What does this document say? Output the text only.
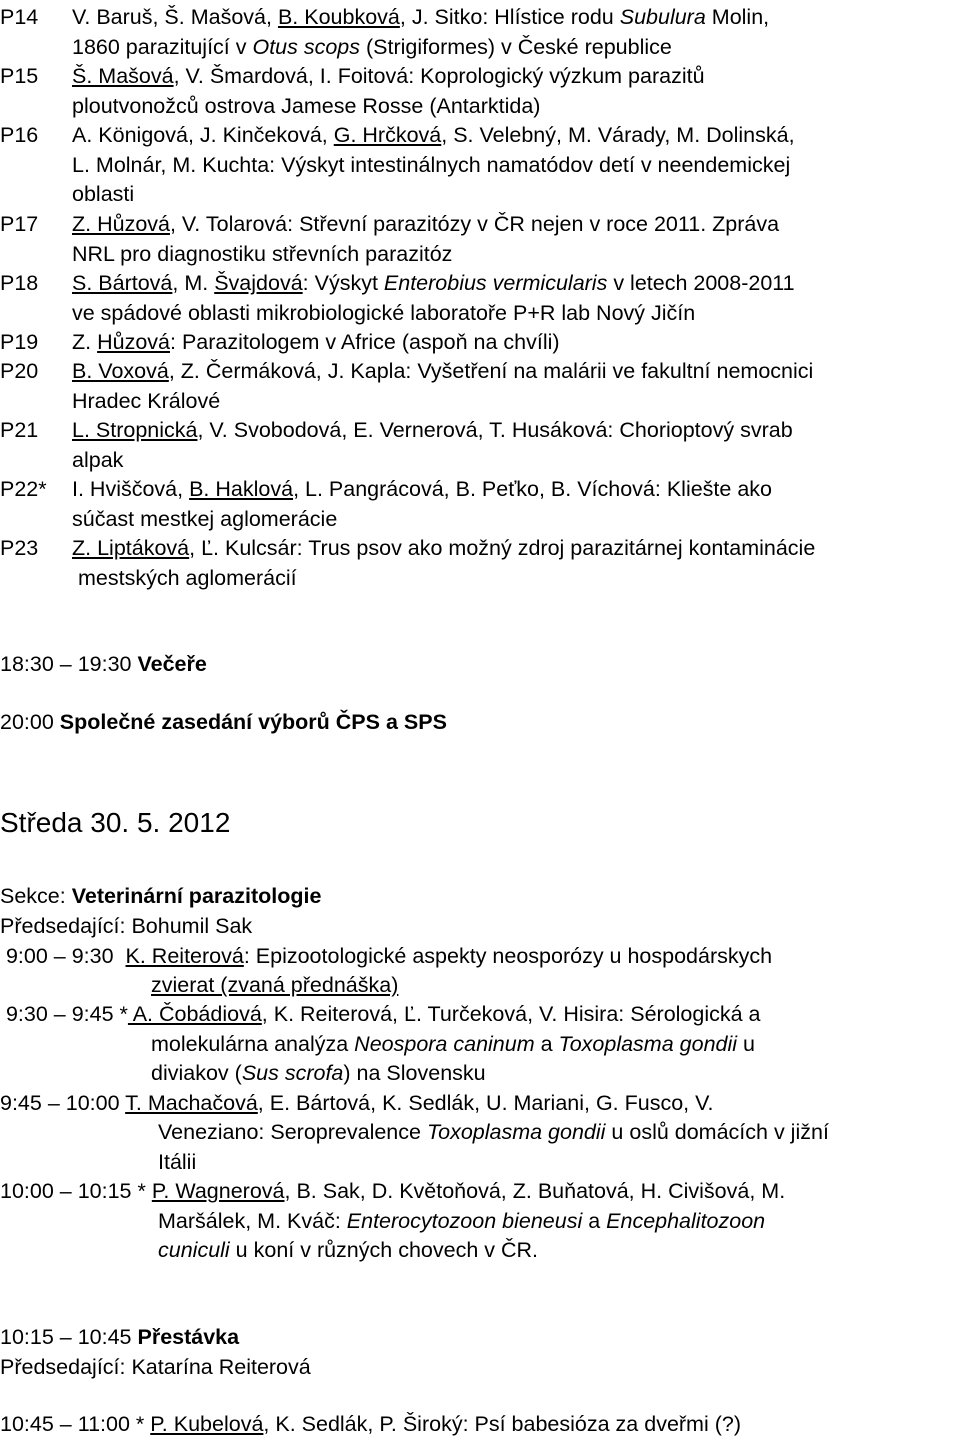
P14 V. Baruš, Š. Mašová, B. Koubková, J. Sitko: Hlístice rodu Subulura Molin,
1860 parazitující v Otus scops (Strigiformes) v České republice
P15 Š. Mašová, V. Šmardová, I. Foitová: Koprologický výzkum parazitů
ploutvonožců ostrova Jamese Rosse (Antarktida)
P16 A. Königová, J. Kinčeková, G. Hrčková, S. Velebný, M. Várady, M. Dolinská,
L. Molnár, M. Kuchta: Výskyt intestinálnych namatódov detí v neendemickej
oblasti
P17 Z. Hůzová, V. Tolarová: Střevní parazitózy v ČR nejen v roce 2011. Zpráva
NRL pro diagnostiku střevních parazitóz
P18 S. Bártová, M. Švajdová: Výskyt Enterobius vermicularis v letech 2008-2011
ve spádové oblasti mikrobiologické laboratoře P+R lab Nový Jičín
P19 Z. Hůzová: Parazitologem v Africe (aspoň na chvíli)
P20 B. Voxová, Z. Čermáková, J. Kapla: Vyšetření na malárii ve fakultní nemocnici
Hradec Králové
P21 L. Stropnická, V. Svobodová, E. Vernerová, T. Husáková: Chorioptový svrab
alpak
P22* I. Hviščová, B. Haklová, L. Pangrácová, B. Peťko, B. Víchová: Kliešte ako
súčast mestkej aglomerácie
P23 Z. Liptáková, Ľ. Kulcsár: Trus psov ako možný zdroj parazitárnej kontaminácie
mestských aglomerácií
18:30 – 19:30 Večeře
20:00 Společné zasedání výborů ČPS a SPS
Středa 30. 5. 2012
Sekce: Veterinární parazitologie
Předsedající: Bohumil Sak
9:00 – 9:30  K. Reiterová: Epizootologické aspekty neosporózy u hospodárskych
zvierat (zvaná přednáška)
9:30 – 9:45 * A. Čobádiová, K. Reiterová, Ľ. Turčeková, V. Hisira: Sérologická a
molekulárna analýza Neospora caninum a Toxoplasma gondii u
diviakov (Sus scrofa) na Slovensku
9:45 – 10:00 T. Machačová, E. Bártová, K. Sedlák, U. Mariani, G. Fusco, V.
Veneziano: Seroprevalence Toxoplasma gondii u oslů domácích v jižní
Itálii
10:00 – 10:15 * P. Wagnerová, B. Sak, D. Květoňová, Z. Buňatová, H. Civišová, M.
Maršálek, M. Kváč: Enterocytozoon bieneusi a Encephalitozoon
cuniculi u koní v různých chovech v ČR.
10:15 – 10:45 Přestávka
Předsedající: Katarína Reiterová
10:45 – 11:00 * P. Kubelová, K. Sedlák, P. Široký: Psí babesióza za dveřmi (?)
